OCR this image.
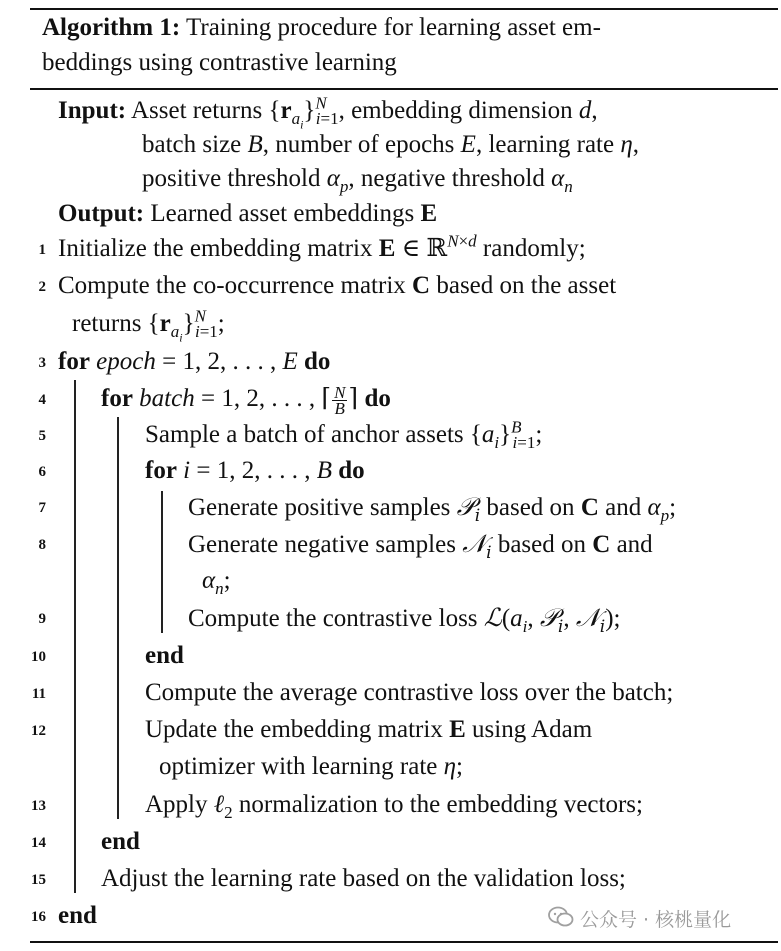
Algorithm 1: Training procedure for learning asset em-
beddings using contrastive learning
Input: Asset returns $\{r_{a_i}\}^N_{i=1}$, embedding dimension d,
batch size B, number of epochs E, learning rate η,
positive threshold $\alpha_p$, negative threshold $\alpha_n$
Output: Learned asset embeddings E
1
2
3
4
5
6
7
8
9
10
11
12
13
14
15
16
Initialize the embedding matrix E ∈ ℝ$^{N\times d}$ randomly;
Compute the co-occurrence matrix C based on the asset
returns $\{r_{a_i}\}^N_{i=1}$;
for epoch = 1, 2, . . . , E do
for batch = 1, 2, . . . , ⌈ $\frac{N}{B}$ ⌉ do
Sample a batch of anchor assets $\{a_i\}^B_{i=1}$;
for i = 1, 2, . . . , B do
Generate positive samples 𝒫$_i$ based on C and $\alpha_p$;
Generate negative samples 𝒩$_i$ based on C and
$\alpha_n$;
Compute the contrastive loss $ℒ(a_i$, 𝒫$_i$, 𝒩$_i$);
end
Compute the average contrastive loss over the batch;
Update the embedding matrix E using Adam
optimizer with learning rate η;
Apply ℓ$_2$ normalization to the embedding vectors;
end
Adjust the learning rate based on the validation loss;
end	公众号 · 核桃量化
